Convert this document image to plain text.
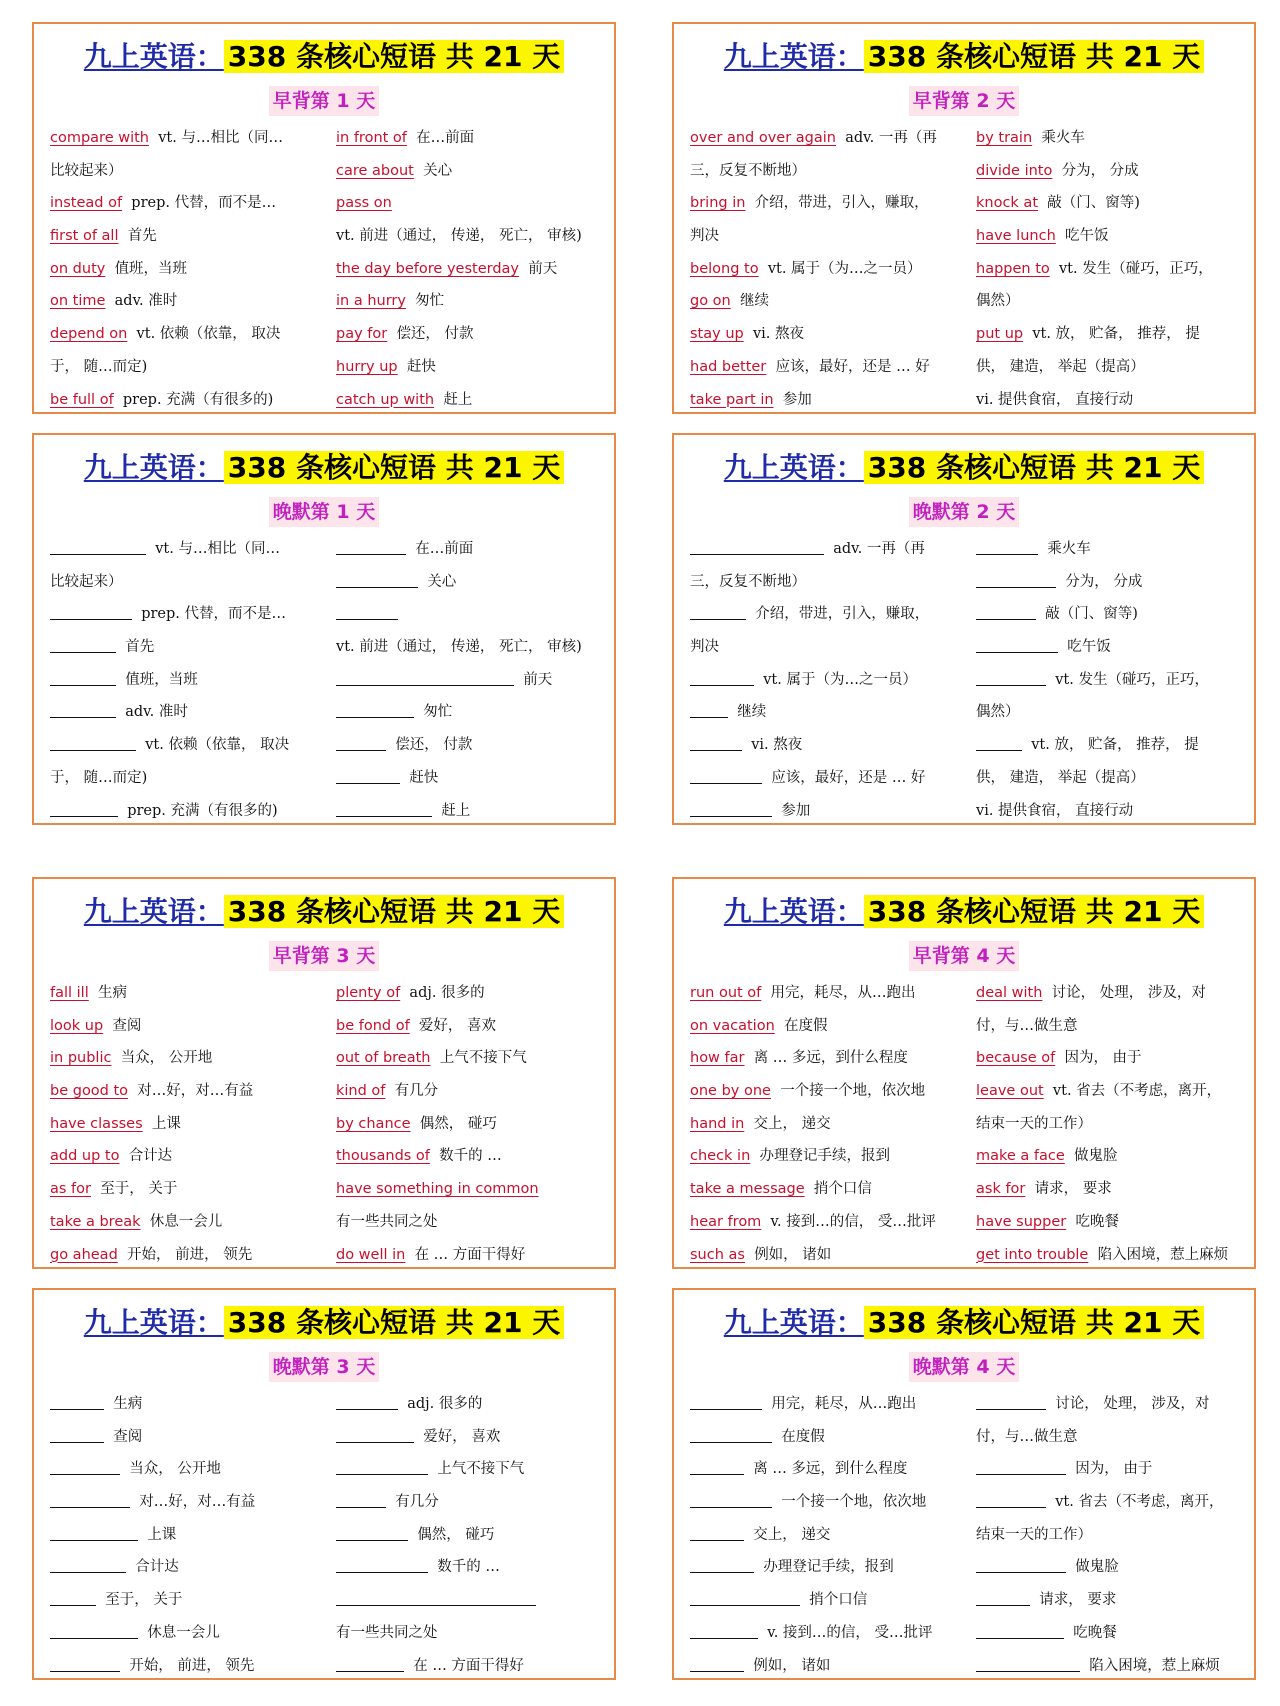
九上英语： 338 条核心短语 共 21 天
早背第 1 天
compare with vt. 与…相比（同…
比较起来）
instead of prep. 代替，而不是…
first of all 首先
on duty 值班，当班
on time adv. 准时
depend on vt. 依赖（依靠， 取决
于， 随…而定)
be full of prep. 充满（有很多的)
in front of 在…前面
care about 关心
pass on
vt. 前进（通过， 传递， 死亡， 审核)
the day before yesterday 前天
in a hurry 匆忙
pay for 偿还， 付款
hurry up 赶快
catch up with 赶上
九上英语： 338 条核心短语 共 21 天
早背第 2 天
over and over again adv. 一再（再
三，反复不断地）
bring in 介绍，带进，引入，赚取，
判决
belong to vt. 属于（为…之一员）
go on 继续
stay up vi. 熬夜
had better 应该，最好，还是 … 好
take part in 参加
by train 乘火车
divide into 分为， 分成
knock at 敲（门、窗等)
have lunch 吃午饭
happen to vt. 发生（碰巧，正巧，
偶然）
put up vt. 放， 贮备， 推荐， 提
供， 建造， 举起（提高）
vi. 提供食宿， 直接行动
九上英语： 338 条核心短语 共 21 天
晚默第 1 天
vt. 与…相比（同…
比较起来）
prep. 代替，而不是…
首先
值班，当班
adv. 准时
vt. 依赖（依靠， 取决
于， 随…而定)
prep. 充满（有很多的)
在…前面
关心

vt. 前进（通过， 传递， 死亡， 审核)
前天
匆忙
偿还， 付款
赶快
赶上
九上英语： 338 条核心短语 共 21 天
晚默第 2 天
adv. 一再（再
三，反复不断地）
介绍，带进，引入，赚取，
判决
vt. 属于（为…之一员）
继续
vi. 熬夜
应该，最好，还是 … 好
参加
乘火车
分为， 分成
敲（门、窗等)
吃午饭
vt. 发生（碰巧，正巧，
偶然）
vt. 放， 贮备， 推荐， 提
供， 建造， 举起（提高）
vi. 提供食宿， 直接行动
九上英语： 338 条核心短语 共 21 天
早背第 3 天
fall ill 生病
look up 查阅
in public 当众， 公开地
be good to 对…好，对…有益
have classes 上课
add up to 合计达
as for 至于， 关于
take a break 休息一会儿
go ahead 开始， 前进， 领先
plenty of adj. 很多的
be fond of 爱好， 喜欢
out of breath 上气不接下气
kind of 有几分
by chance 偶然， 碰巧
thousands of 数千的 …
have something in common
有一些共同之处
do well in 在 … 方面干得好
九上英语： 338 条核心短语 共 21 天
早背第 4 天
run out of 用完，耗尽，从…跑出
on vacation 在度假
how far 离 … 多远，到什么程度
one by one 一个接一个地，依次地
hand in 交上， 递交
check in 办理登记手续，报到
take a message 捎个口信
hear from v. 接到…的信， 受…批评
such as 例如， 诸如
deal with 讨论， 处理， 涉及，对
付，与…做生意
because of 因为， 由于
leave out vt. 省去（不考虑，离开，
结束一天的工作）
make a face 做鬼脸
ask for 请求， 要求
have supper 吃晚餐
get into trouble 陷入困境，惹上麻烦
九上英语： 338 条核心短语 共 21 天
晚默第 3 天
生病
查阅
当众， 公开地
对…好，对…有益
上课
合计达
至于， 关于
休息一会儿
开始， 前进， 领先
adj. 很多的
爱好， 喜欢
上气不接下气
有几分
偶然， 碰巧
数千的 …

有一些共同之处
在 … 方面干得好
九上英语： 338 条核心短语 共 21 天
晚默第 4 天
用完，耗尽，从…跑出
在度假
离 … 多远，到什么程度
一个接一个地，依次地
交上， 递交
办理登记手续，报到
捎个口信
v. 接到…的信， 受…批评
例如， 诸如
讨论， 处理， 涉及，对
付，与…做生意
因为， 由于
vt. 省去（不考虑，离开，
结束一天的工作）
做鬼脸
请求， 要求
吃晚餐
陷入困境，惹上麻烦
